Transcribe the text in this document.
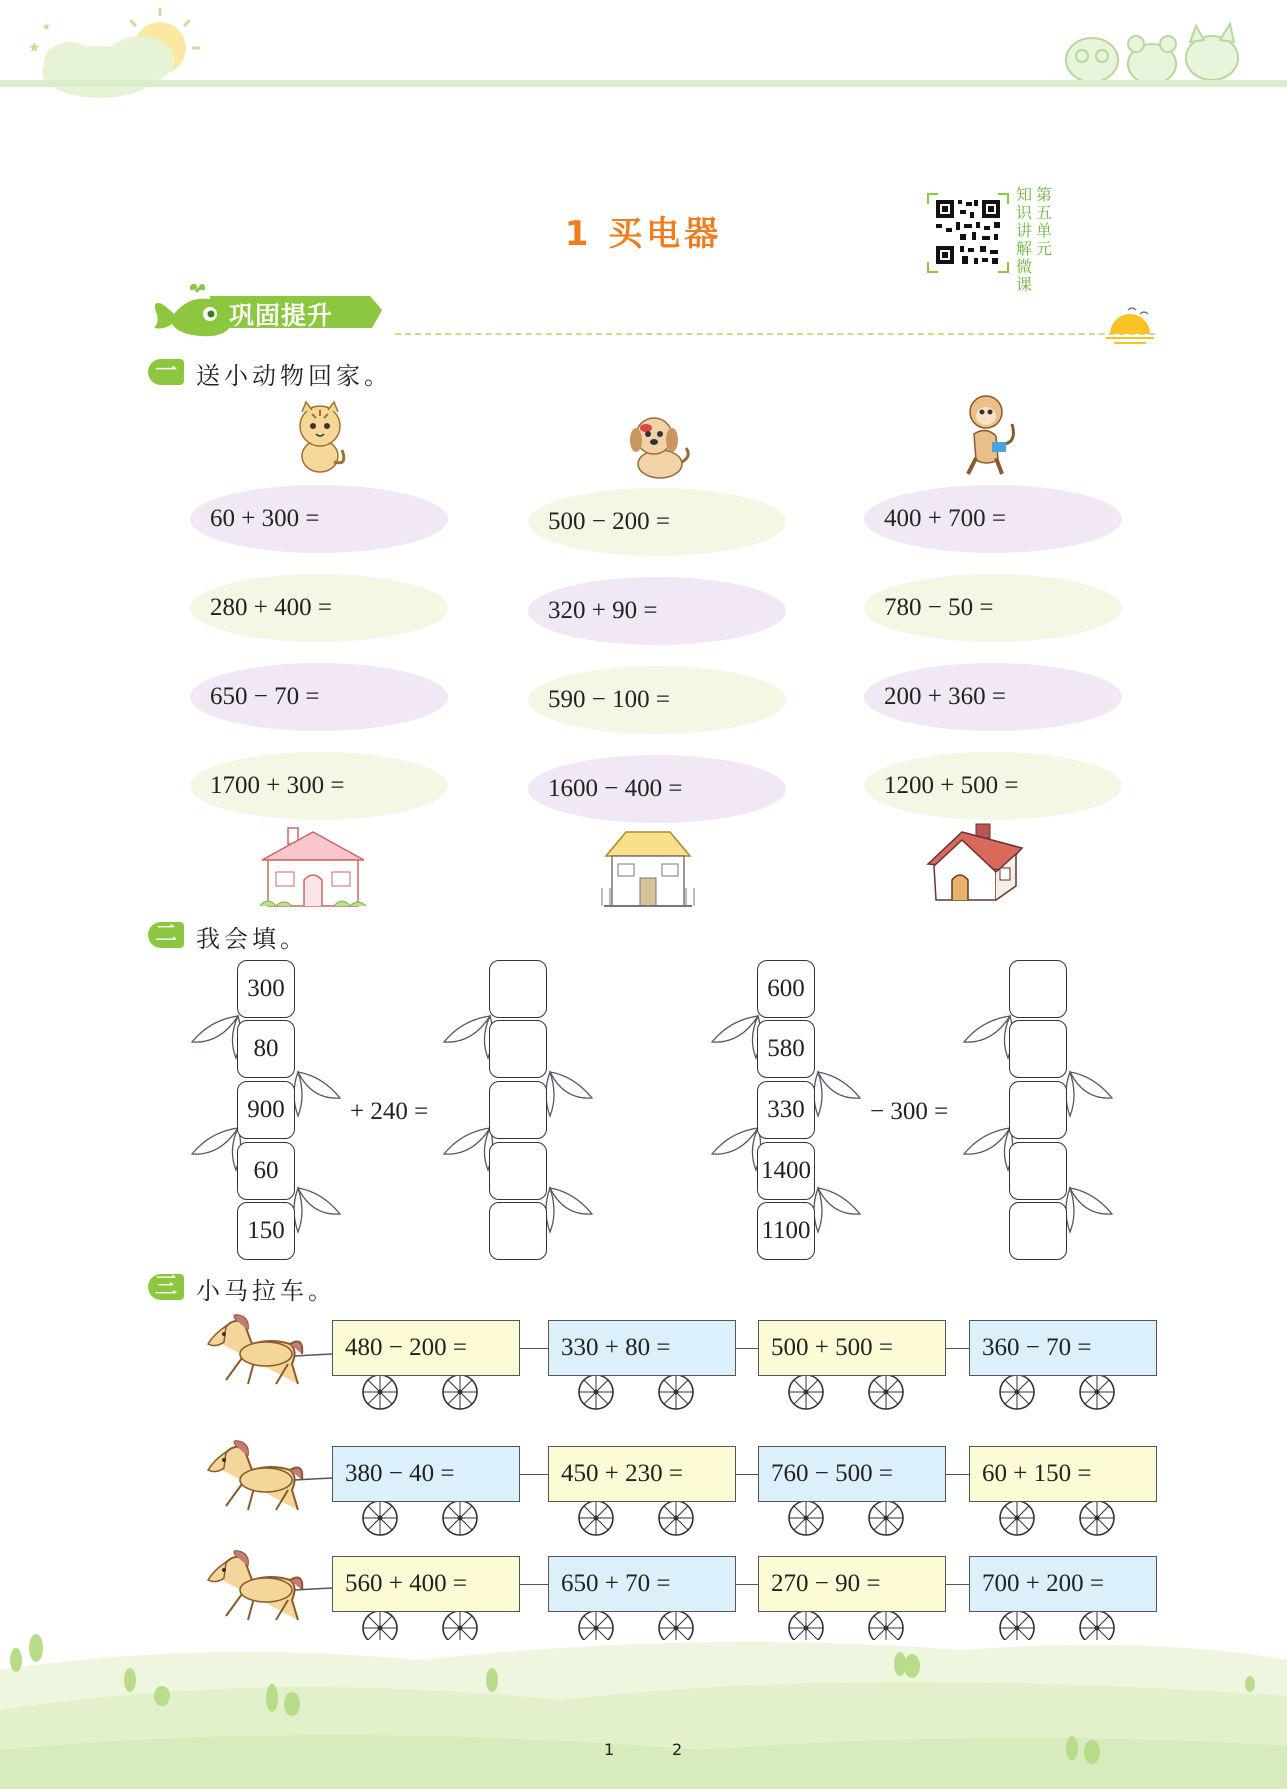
★
★
1 买电器
第
五
单
元
知
识
讲
解
微
课
巩固提升
一 送小动物回家。
60 + 300 =
280 + 400 =
650 − 70 =
1700 + 300 =
500 − 200 =
320 + 90 =
590 − 100 =
1600 − 400 =
400 + 700 =
780 − 50 =
200 + 360 =
1200 + 500 =
二 我会填。
300
80
900
60
150
+ 240 =
600
580
330
1400
1100
− 300 =
三 小马拉车。
480 − 200 =	330 + 80 =	500 + 500 =	360 − 70 =
380 − 40 =	450 + 230 =	760 − 500 =	60 + 150 =
560 + 400 =	650 + 70 =	270 − 90 =	700 + 200 =
1	2
